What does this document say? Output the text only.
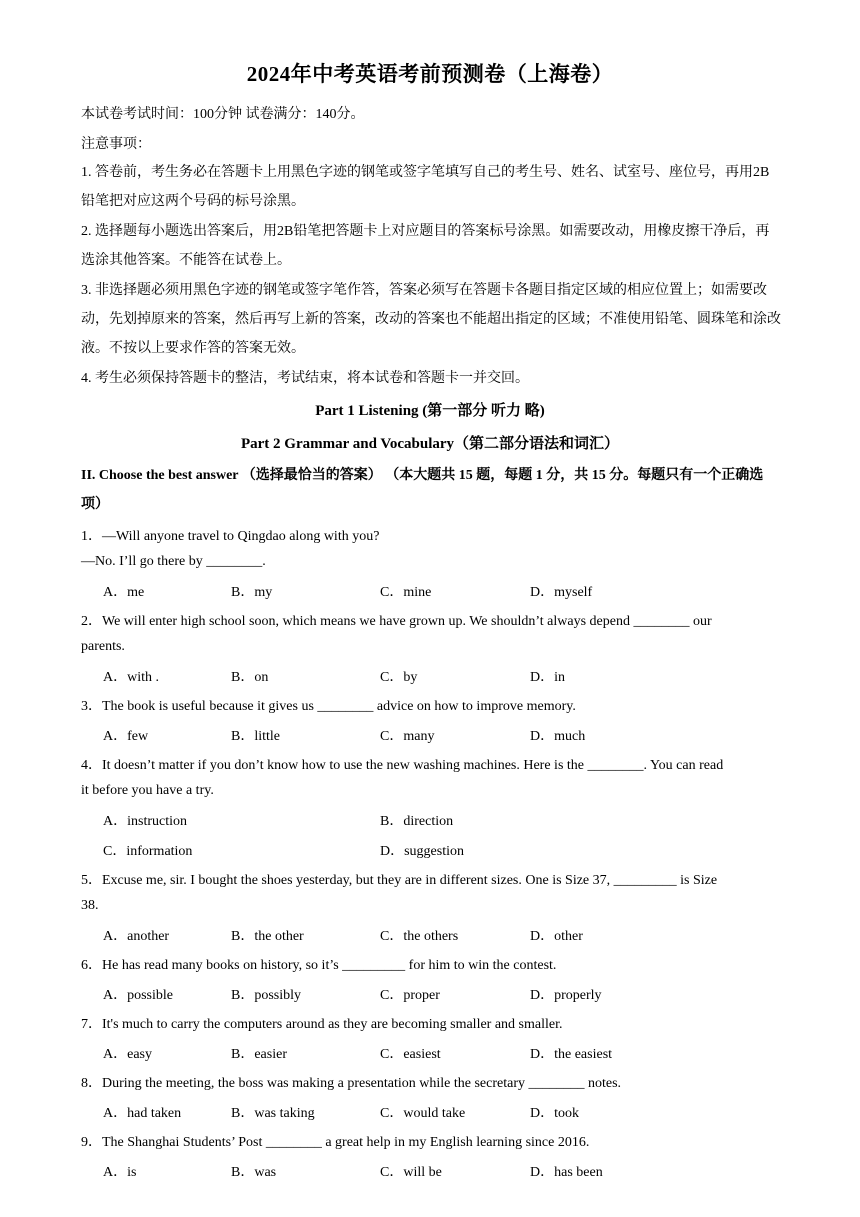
2024年中考英语考前预测卷（上海卷）
本试卷考试时间：100分钟 试卷满分：140分。
注意事项：
1. 答卷前，考生务必在答题卡上用黑色字迹的钢笔或签字笔填写自己的考生号、姓名、试室号、座位号，再用2B铅笔把对应这两个号码的标号涂黑。
2. 选择题每小题选出答案后，用2B铅笔把答题卡上对应题目的答案标号涂黑。如需要改动，用橡皮擦干净后，再选涂其他答案。不能答在试卷上。
3. 非选择题必须用黑色字迹的钢笔或签字笔作答，答案必须写在答题卡各题目指定区域的相应位置上；如需要改动，先划掉原来的答案，然后再写上新的答案，改动的答案也不能超出指定的区域；不准使用铅笔、圆珠笔和涂改液。不按以上要求作答的答案无效。
4. 考生必须保持答题卡的整洁，考试结束，将本试卷和答题卡一并交回。
Part 1 Listening (第一部分 听力 略)
Part 2 Grammar and Vocabulary（第二部分语法和词汇）
II. Choose the best answer （选择最恰当的答案） （本大题共 15 题，每题 1 分，共 15 分。每题只有一个正确选项）
1．—Will anyone travel to Qingdao along with you?
—No. I’ll go there by ________.
A．me	B．my	C．mine	D．myself
2．We will enter high school soon, which means we have grown up. We shouldn’t always depend ________ our
parents.
A．with .	B．on	C．by	D．in
3．The book is useful because it gives us ________ advice on how to improve memory.
A．few	B．little	C．many	D．much
4．It doesn’t matter if you don’t know how to use the new washing machines. Here is the ________. You can read
it before you have a try.
A．instruction	B．direction
C．information	D．suggestion
5．Excuse me, sir. I bought the shoes yesterday, but they are in different sizes. One is Size 37, _________ is Size
38.
A．another	B．the other	C．the others	D．other
6．He has read many books on history, so it’s _________ for him to win the contest.
A．possible	B．possibly	C．proper	D．properly
7．It's much to carry the computers around as they are becoming smaller and smaller.
A．easy	B．easier	C．easiest	D．the easiest
8．During the meeting, the boss was making a presentation while the secretary ________ notes.
A．had taken	B．was taking	C．would take	D．took
9．The Shanghai Students’ Post ________ a great help in my English learning since 2016.
A．is	B．was	C．will be	D．has been
